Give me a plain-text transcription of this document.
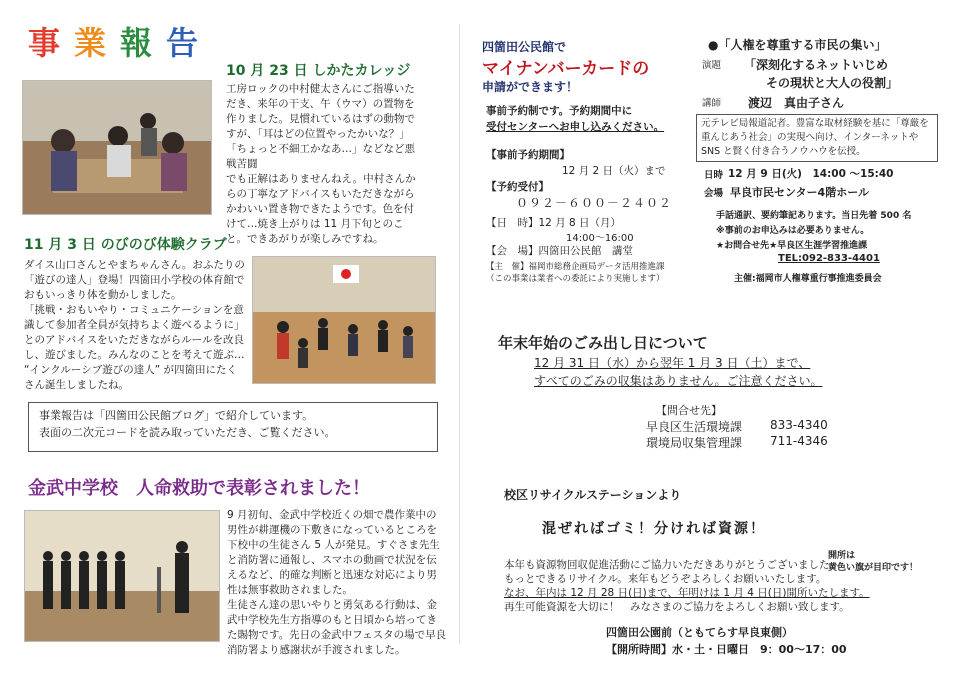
事 業 報 告
10 月 23 日 しかたカレッジ
工房ロックの中村健太さんにご指導いただき、来年の干支、午（ウマ）の置物を作りました。見慣れているはずの動物ですが、「耳はどの位置やったかいな？」「ちょっと不細工かなあ…」などなど悪戦苦闘
でも正解はありませんねえ。中村さんからの丁寧なアドバイスもいただきながらかわいい置き物できたようです。色を付けて…焼き上がりは 11 月下旬とのこと。できあがりが楽しみですね。
11 月 3 日 のびのび体験クラブ
ダイス山口さんとやまちゃんさん。おふたりの「遊びの達人」登場！四箇田小学校の体育館でおもいっきり体を動かしました。
「挑戦・おもいやり・コミュニケーションを意識して参加者全員が気持ちよく遊べるように」とのアドバイスをいただきながらルールを改良し、遊びました。みんなのことを考えて遊ぶ… “インクルーシブ遊びの達人” が四箇田にたくさん誕生しましたね。
事業報告は「四箇田公民館ブログ」で紹介しています。
表面の二次元コードを読み取っていただき、ご覧ください。
金武中学校　人命救助で表彰されました！
9 月初旬、金武中学校近くの畑で農作業中の男性が耕運機の下敷きになっているところを下校中の生徒さん 5 人が発見。すぐさま先生と消防署に通報し、スマホの動画で状況を伝えるなど、的確な判断と迅速な対応により男性は無事救助されました。
生徒さん達の思いやりと勇気ある行動は、金武中学校先生方指導のもと日頃から培ってきた賜物です。先日の金武中フェスタの場で早良消防署より感謝状が手渡されました。
四箇田公民館で
マイナンバーカードの
申請ができます！
事前予約制です。予約期間中に
受付センターへお申し込みください。
【事前予約期間】
12 月 2 日（火）まで
【予約受付】
０９２－６００－２４０２
【日　時】12 月 8 日（月）
14:00〜16:00
【会　場】四箇田公民館　講堂
【主　催】福岡市総務企画局データ活用推進課
（この事業は業者への委託により実施します）
●「人権を尊重する市民の集い」
演題 「深刻化するネットいじめ
その現状と大人の役割」
講師 渡辺　真由子さん
元テレビ局報道記者。豊富な取材経験を基に「尊厳を重んじあう社会」の実現へ向け、インターネットや SNS と賢く付き合うノウハウを伝授。
日時 12 月 9 日(火)　14:00 〜15:40
会場 早良市民センター4階ホール
手話通訳、要約筆記あります。当日先着 500 名
※事前のお申込みは必要ありません。
★お問合せ先★早良区生涯学習推進課
TEL:092-833-4401
主催:福岡市人権尊重行事推進委員会
年末年始のごみ出し日について
12 月 31 日（水）から翌年 1 月 3 日（土）まで、
すべてのごみの収集はありません。ご注意ください。
【問合せ先】
早良区生活環境課 833-4340
環境局収集管理課 711-4346
校区リサイクルステーションより
混ぜればゴミ！分ければ資源！
本年も資源物回収促進活動にご協力いただきありがとうございました
もっとできるリサイクル。来年もどうぞよろしくお願いいたします。
なお、年内は 12 月 28 日(日)まで、年明けは 1 月 4 日(日)開所いたします。
再生可能資源を大切に！　みなさまのご協力をよろしくお願い致します。
開所は
黄色い旗が目印です！
四箇田公園前（ともてらす早良東側）
【開所時間】水・土・日曜日　9：00〜17：00
